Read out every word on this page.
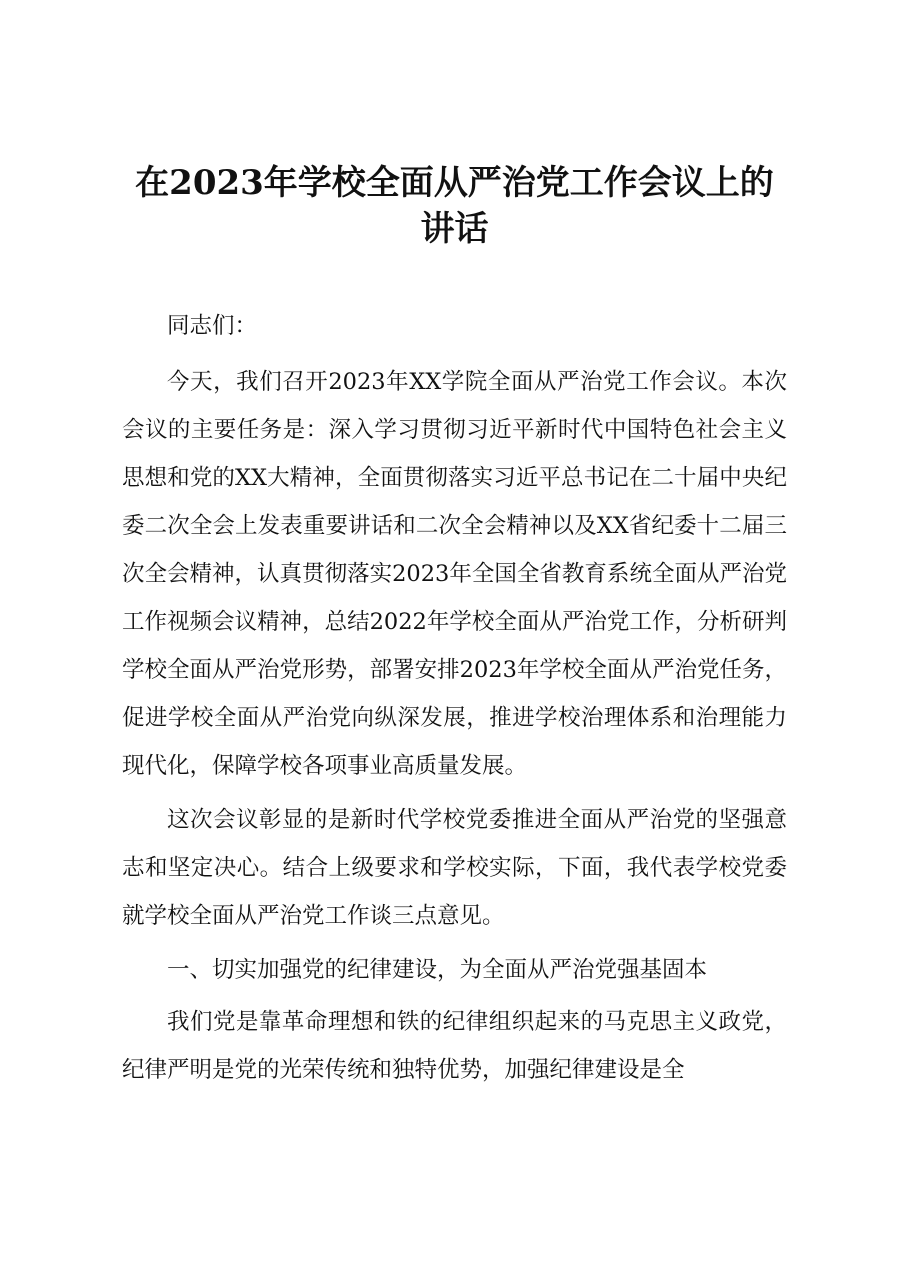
在2023年学校全面从严治党工作会议上的讲话

同志们：

今天，我们召开2023年XX学院全面从严治党工作会议。本次会议的主要任务是：深入学习贯彻习近平新时代中国特色社会主义思想和党的XX大精神，全面贯彻落实习近平总书记在二十届中央纪委二次全会上发表重要讲话和二次全会精神以及XX省纪委十二届三次全会精神，认真贯彻落实2023年全国全省教育系统全面从严治党工作视频会议精神，总结2022年学校全面从严治党工作，分析研判学校全面从严治党形势，部署安排2023年学校全面从严治党任务，促进学校全面从严治党向纵深发展，推进学校治理体系和治理能力现代化，保障学校各项事业高质量发展。

这次会议彰显的是新时代学校党委推进全面从严治党的坚强意志和坚定决心。结合上级要求和学校实际，下面，我代表学校党委就学校全面从严治党工作谈三点意见。

一、切实加强党的纪律建设，为全面从严治党强基固本

我们党是靠革命理想和铁的纪律组织起来的马克思主义政党，纪律严明是党的光荣传统和独特优势，加强纪律建设是全
